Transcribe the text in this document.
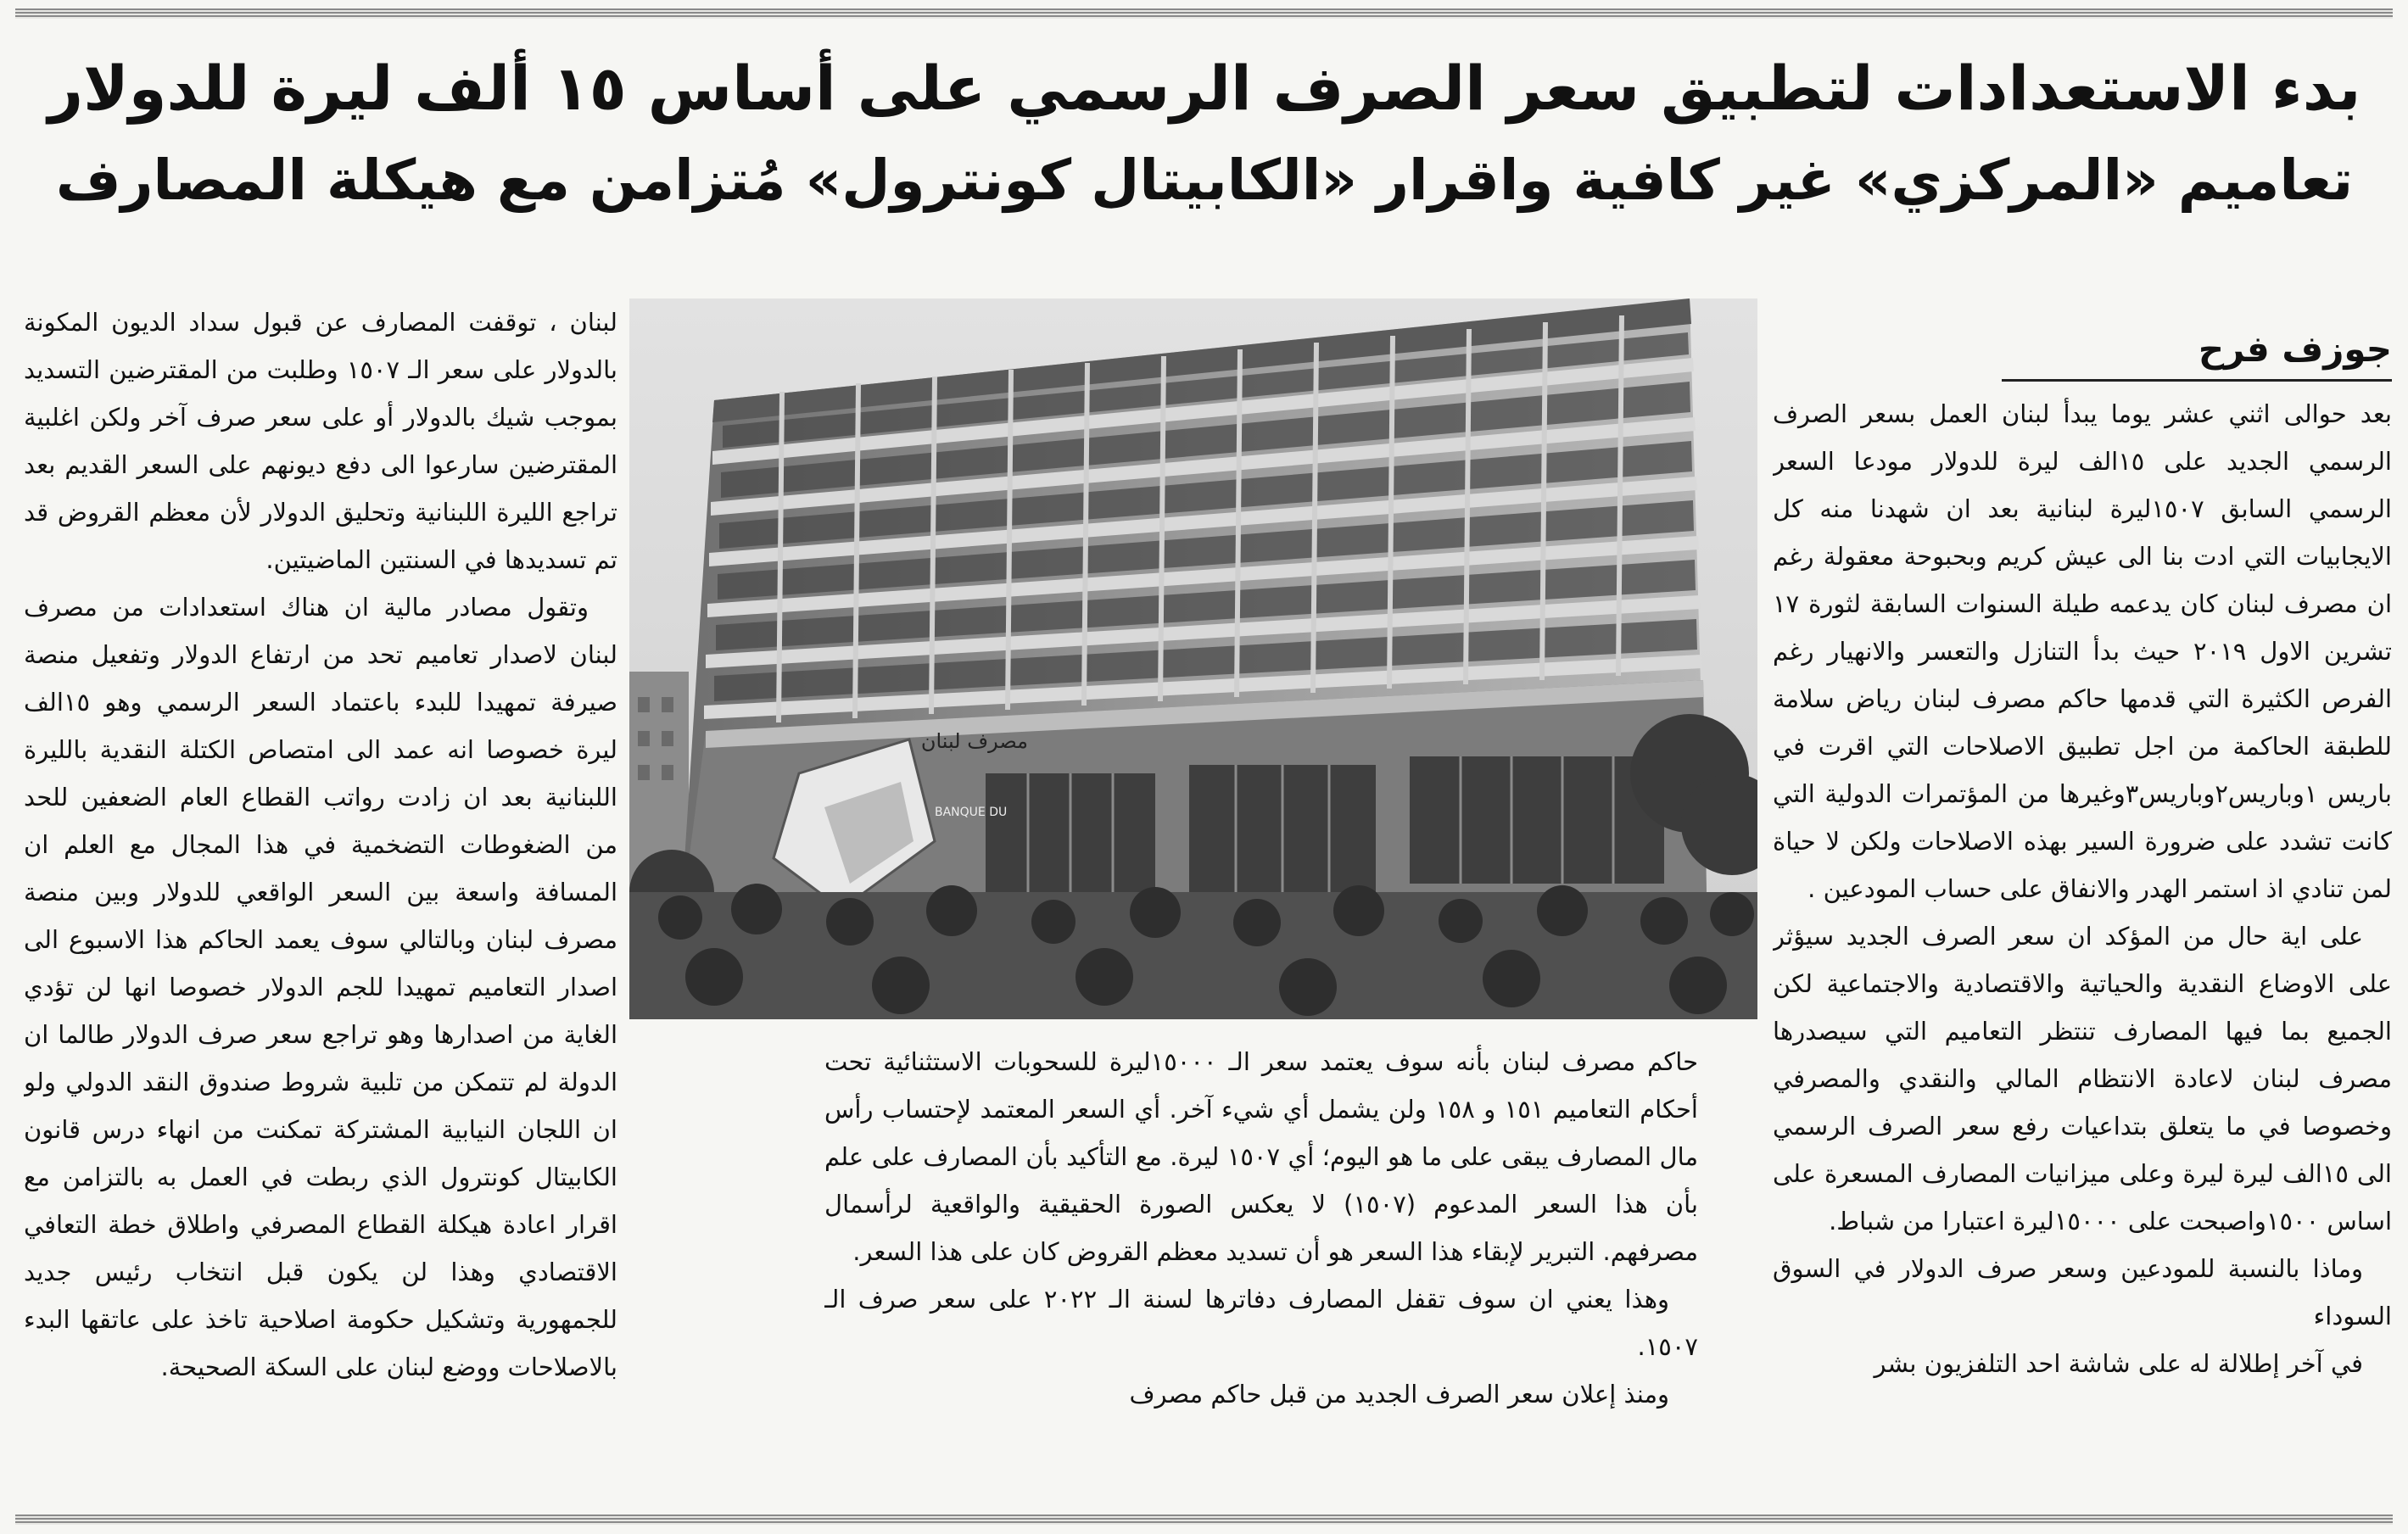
بدء الاستعدادات لتطبيق سعر الصرف الرسمي على أساس ١٥ ألف ليرة للدولار
تعاميم «المركزي» غير كافية واقرار «الكابيتال كونترول» مُتزامن مع هيكلة المصارف
جوزف فرح

بعد حوالى اثني عشر يوما يبدأ لبنان العمل بسعر الصرف الرسمي الجديد على ١٥الف ليرة للدولار مودعا السعر الرسمي السابق ١٥٠٧ليرة لبنانية بعد ان شهدنا منه كل الايجابيات التي ادت بنا الى عيش كريم وبحبوحة معقولة رغم ان مصرف لبنان كان يدعمه طيلة السنوات السابقة لثورة ١٧ تشرين الاول ٢٠١٩ حيث بدأ التنازل والتعسر والانهيار رغم الفرص الكثيرة التي قدمها حاكم مصرف لبنان رياض سلامة للطبقة الحاكمة من اجل تطبيق الاصلاحات التي اقرت في باريس ١وباريس٢وباريس٣وغيرها من المؤتمرات الدولية التي كانت تشدد على ضرورة السير بهذه الاصلاحات ولكن لا حياة لمن تنادي اذ استمر الهدر والانفاق على حساب المودعين .

على اية حال من المؤكد ان سعر الصرف الجديد سيؤثر على الاوضاع النقدية والحياتية والاقتصادية والاجتماعية لكن الجميع بما فيها المصارف تنتظر التعاميم التي سيصدرها مصرف لبنان لاعادة الانتظام المالي والنقدي والمصرفي وخصوصا في ما يتعلق بتداعيات رفع سعر الصرف الرسمي الى ١٥الف ليرة ليرة وعلى ميزانيات المصارف المسعرة على اساس ١٥٠٠واصبحت على ١٥٠٠٠ليرة اعتبارا من شباط.

وماذا بالنسبة للمودعين وسعر صرف الدولار في السوق السوداء

في آخر إطلالة له على شاشة احد التلفزيون بشر

BANQUE DU
مصرف لبنان

حاكم مصرف لبنان بأنه سوف يعتمد سعر الـ ١٥٠٠٠ليرة للسحوبات الاستثنائية تحت أحكام التعاميم ١٥١ و ١٥٨ ولن يشمل أي شيء آخر. أي السعر المعتمد لإحتساب رأس مال المصارف يبقى على ما هو اليوم؛ أي ١٥٠٧ ليرة. مع التأكيد بأن المصارف على علم بأن هذا السعر المدعوم (١٥٠٧) لا يعكس الصورة الحقيقية والواقعية لرأسمال مصرفهم. التبرير لإبقاء هذا السعر هو أن تسديد معظم القروض كان على هذا السعر.

وهذا يعني ان سوف تقفل المصارف دفاترها لسنة الـ ٢٠٢٢ على سعر صرف الـ ١٥٠٧.

ومنذ إعلان سعر الصرف الجديد من قبل حاكم مصرف

لبنان ، توقفت المصارف عن قبول سداد الديون المكونة بالدولار على سعر الـ ١٥٠٧ وطلبت من المقترضين التسديد بموجب شيك بالدولار أو على سعر صرف آخر ولكن اغلبية المقترضين سارعوا الى دفع ديونهم على السعر القديم بعد تراجع الليرة اللبنانية وتحليق الدولار لأن معظم القروض قد تم تسديدها في السنتين الماضيتين.

وتقول مصادر مالية ان هناك استعدادات من مصرف لبنان لاصدار تعاميم تحد من ارتفاع الدولار وتفعيل منصة صيرفة تمهيدا للبدء باعتماد السعر الرسمي وهو ١٥الف ليرة خصوصا انه عمد الى امتصاص الكتلة النقدية بالليرة اللبنانية بعد ان زادت رواتب القطاع العام الضعفين للحد من الضغوطات التضخمية في هذا المجال مع العلم ان المسافة واسعة بين السعر الواقعي للدولار وبين منصة مصرف لبنان وبالتالي سوف يعمد الحاكم هذا الاسبوع الى اصدار التعاميم تمهيدا للجم الدولار خصوصا انها لن تؤدي الغاية من اصدارها وهو تراجع سعر صرف الدولار طالما ان الدولة لم تتمكن من تلبية شروط صندوق النقد الدولي ولو ان اللجان النيابية المشتركة تمكنت من انهاء درس قانون الكابيتال كونترول الذي ربطت في العمل به بالتزامن مع اقرار اعادة هيكلة القطاع المصرفي واطلاق خطة التعافي الاقتصادي وهذا لن يكون قبل انتخاب رئيس جديد للجمهورية وتشكيل حكومة اصلاحية تاخذ على عاتقها البدء بالاصلاحات ووضع لبنان على السكة الصحيحة.
